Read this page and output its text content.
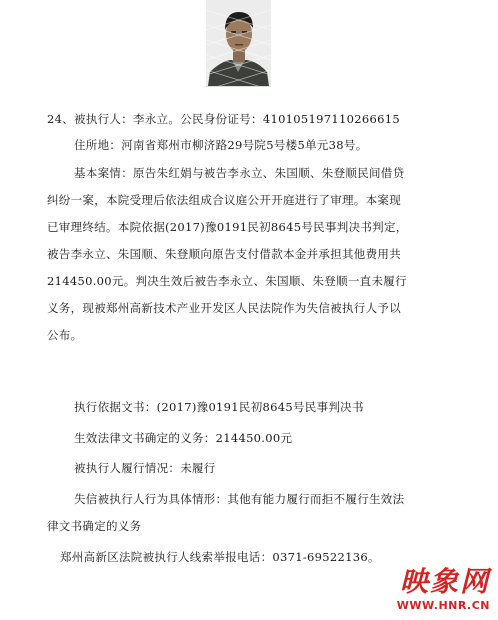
24、被执行人：李永立。公民身份证号：410105197110266615
住所地：河南省郑州市柳济路29号院5号楼5单元38号。
基本案情：原告朱红娟与被告李永立、朱国顺、朱登顺民间借贷
纠纷一案，本院受理后依法组成合议庭公开开庭进行了审理。本案现
已审理终结。本院依据(2017)豫0191民初8645号民事判决书判定，
被告李永立、朱国顺、朱登顺向原告支付借款本金并承担其他费用共
214450.00元。判决生效后被告李永立、朱国顺、朱登顺一直未履行
义务，现被郑州高新技术产业开发区人民法院作为失信被执行人予以
公布。
执行依据文书：(2017)豫0191民初8645号民事判决书
生效法律文书确定的义务：214450.00元
被执行人履行情况：未履行
失信被执行人行为具体情形：其他有能力履行而拒不履行生效法
律文书确定的义务
郑州高新区法院被执行人线索举报电话：0371-69522136。
映象网
WWW.HNR.CN
